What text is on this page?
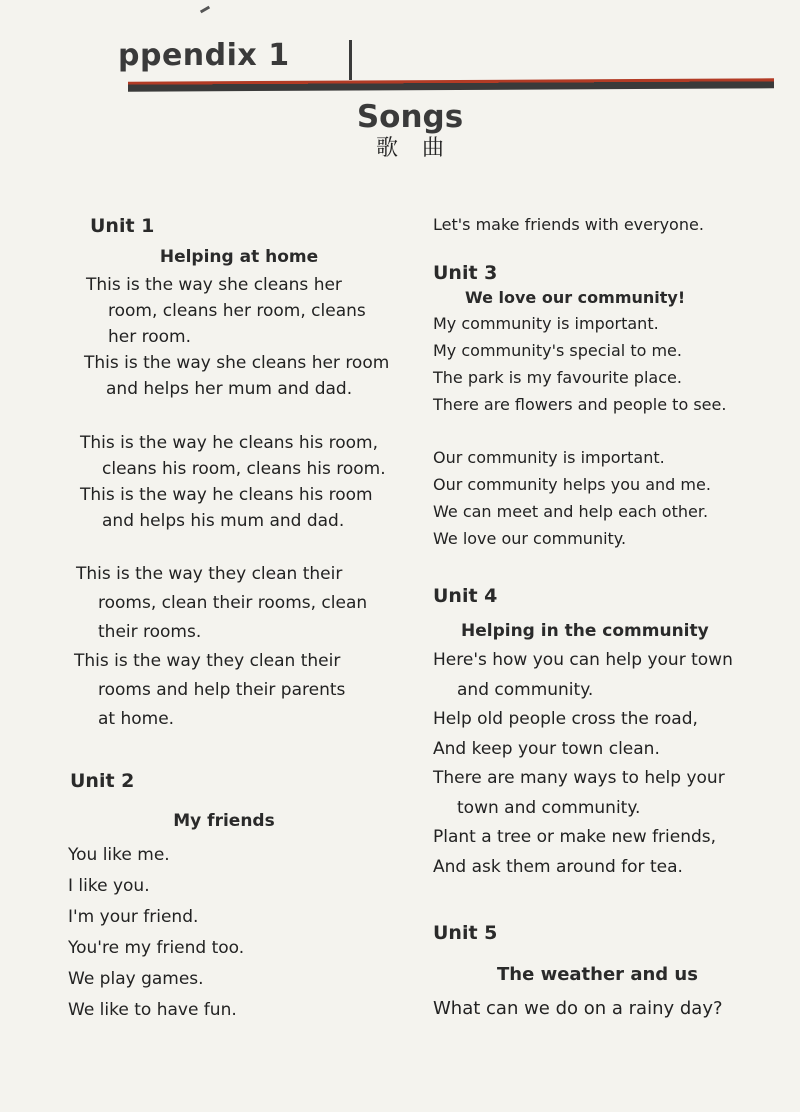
ppendix 1
Songs
歌曲

Unit 1

Helping at home

This is the way she cleans her

room, cleans her room, cleans

her room.

This is the way she cleans her room

and helps her mum and dad.

This is the way he cleans his room,

cleans his room, cleans his room.

This is the way he cleans his room

and helps his mum and dad.

This is the way they clean their

rooms, clean their rooms, clean

their rooms.

This is the way they clean their

rooms and help their parents

at home.

Unit 2

My friends

You like me.

I like you.

I'm your friend.

You're my friend too.

We play games.

We like to have fun.

Let's make friends with everyone.

Unit 3

We love our community!

My community is important.

My community's special to me.

The park is my favourite place.

There are flowers and people to see.

Our community is important.

Our community helps you and me.

We can meet and help each other.

We love our community.

Unit 4

Helping in the community

Here's how you can help your town

and community.

Help old people cross the road,

And keep your town clean.

There are many ways to help your

town and community.

Plant a tree or make new friends,

And ask them around for tea.

Unit 5

The weather and us

What can we do on a rainy day?
